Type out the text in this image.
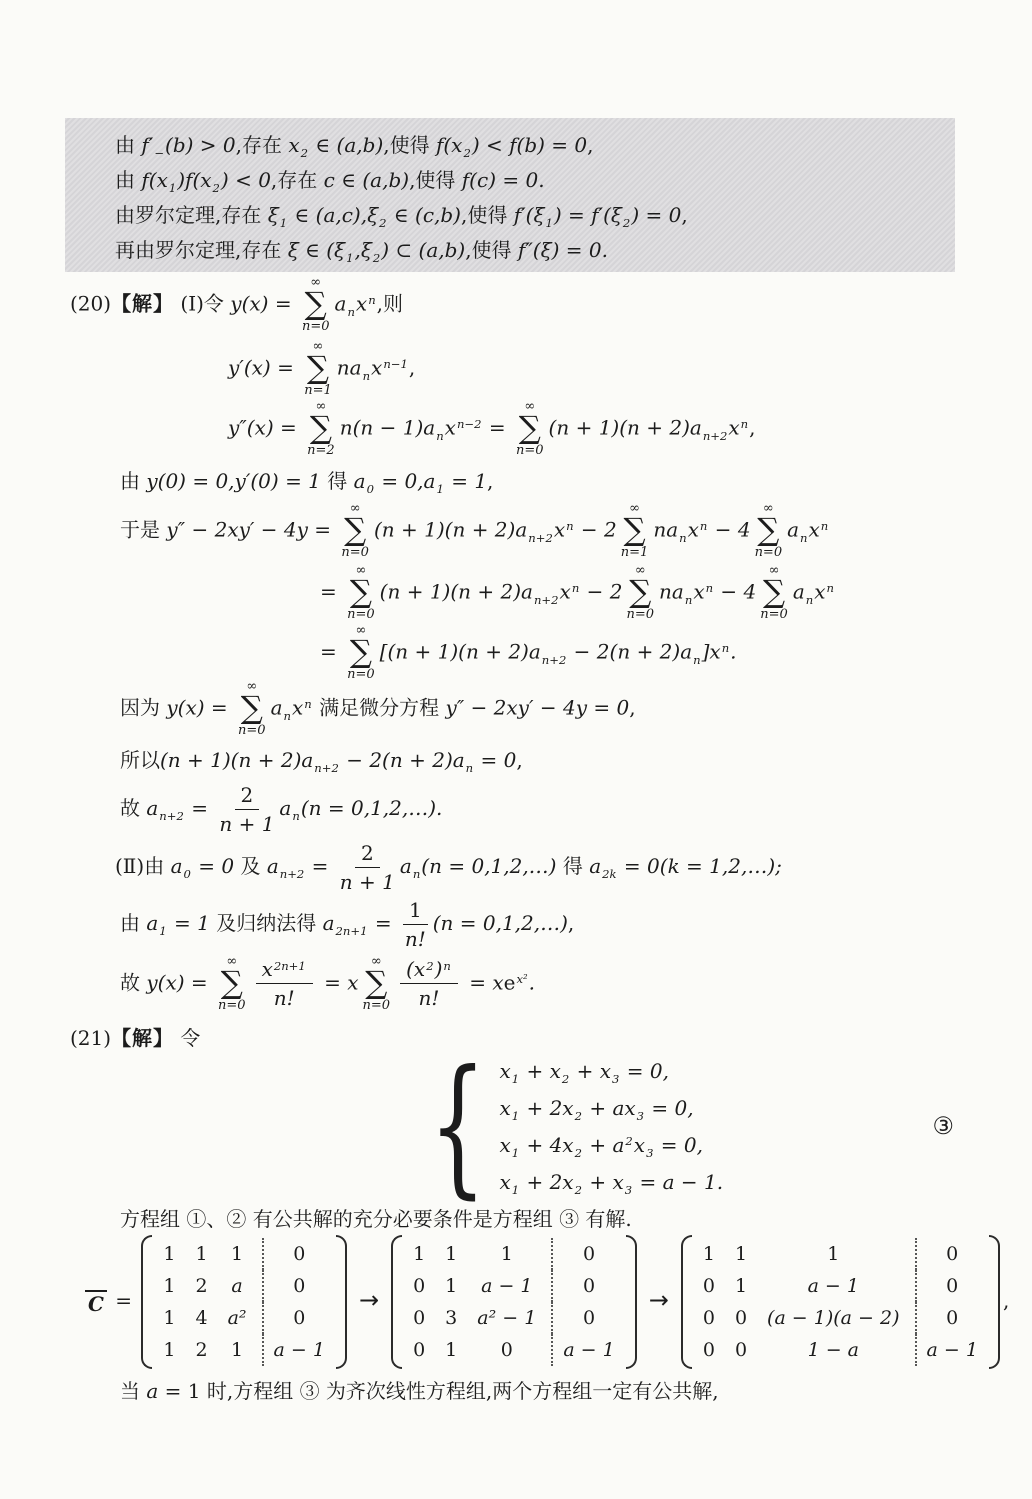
由 $f'_-(b) > 0$,存在 $x_2$ ∈ (a,b),使得 $f(x_2) < f(b) = 0$,
由 $f(x_1)f(x_2) < 0$,存在 c ∈ (a,b),使得 f(c) = 0.
由罗尔定理,存在 $\xi_1$ ∈ $(a,c),\xi_2$ ∈ (c,b),使得 $f'(\xi_1) = f'(\xi_2) = 0$,
再由罗尔定理,存在 ξ ∈ $(\xi_1,\xi_2)$ ⊂ (a,b),使得 f″(ξ) = 0.
(20)【解】 (Ⅰ)令 y(x) =
∞
∑
n=0
$a_nx^n$,则
y′(x) =
∞
∑
n=1
$na_nx^{n-1}$,
y″(x) =
∞
∑
n=2
$n(n - 1)a_nx^{n-2}$ =
∞
∑
n=0
$(n + 1)(n + 2)a_{n+2}x^n$,
由 y(0) = 0,y′(0) = 1 得 $a_0 = 0,a_1 = 1$,
于是 y″ − 2xy′ − 4y =
∞
∑
n=0
$(n + 1)(n + 2)a_{n+2}x^n - 2$
∞
∑
n=1
$na_nx^n - 4$
∞
∑
n=0
$a_nx^n$
=
∞
∑
n=0
$(n + 1)(n + 2)a_{n+2}x^n - 2$
∞
∑
n=0
$na_nx^n - 4$
∞
∑
n=0
$a_nx^n$
=
∞
∑
n=0
$[(n + 1)(n + 2)a_{n+2} - 2(n + 2)a_n]x^n$.
因为 y(x) =
∞
∑
n=0
$a_nx^n$ 满足微分方程 y″ − 2xy′ − 4y = 0,
所以$(n + 1)(n + 2)a_{n+2} - 2(n + 2)a_n = 0$,
故 $a_{n+2} = \frac{2}{n + 1} a_n(n$ = 0,1,2,…).
(Ⅱ)由 $a_0 = 0$ 及 $a_{n+2} = \frac{2}{n + 1} a_n(n$ = 0,1,2,…) 得 $a_{2k} = 0(k$ = 1,2,…);
由 $a_1 = 1$ 及归纳法得 $a_{2n+1} = \frac{1}{n!} (n$ = 0,1,2,…),
故 y(x) =
∞
∑
$n=0 \frac{x^{2n+1}}{n!} = x$
∞
∑
$n=0 \frac{(x^2)^n}{n!} = xe^{x^2}$.
(21)【解】 令
{ $x_1 + x_2 + x_3 = 0$,
$x_1 + 2x_2 + ax_3 = 0$,
$x_1 + 4x_2 + a^2x_3 = 0$,
$x_1 + 2x_2 + x_3 = a - 1$.
③
方程组 ①、② 有公共解的充分必要条件是方程组 ③ 有解.
C =
1	1	1	0
1	2	a	0
1	4	a²	0
1	2	1	a − 1
→
1	1	1	0
0	1	a − 1	0
0	3	a² − 1	0
0	1	0	a − 1
→
1	1	1	0
0	1	a − 1	0
0	0	(a − 1)(a − 2)	0
0	0	1 − a	a − 1
,
当 a = 1 时,方程组 ③ 为齐次线性方程组,两个方程组一定有公共解,
